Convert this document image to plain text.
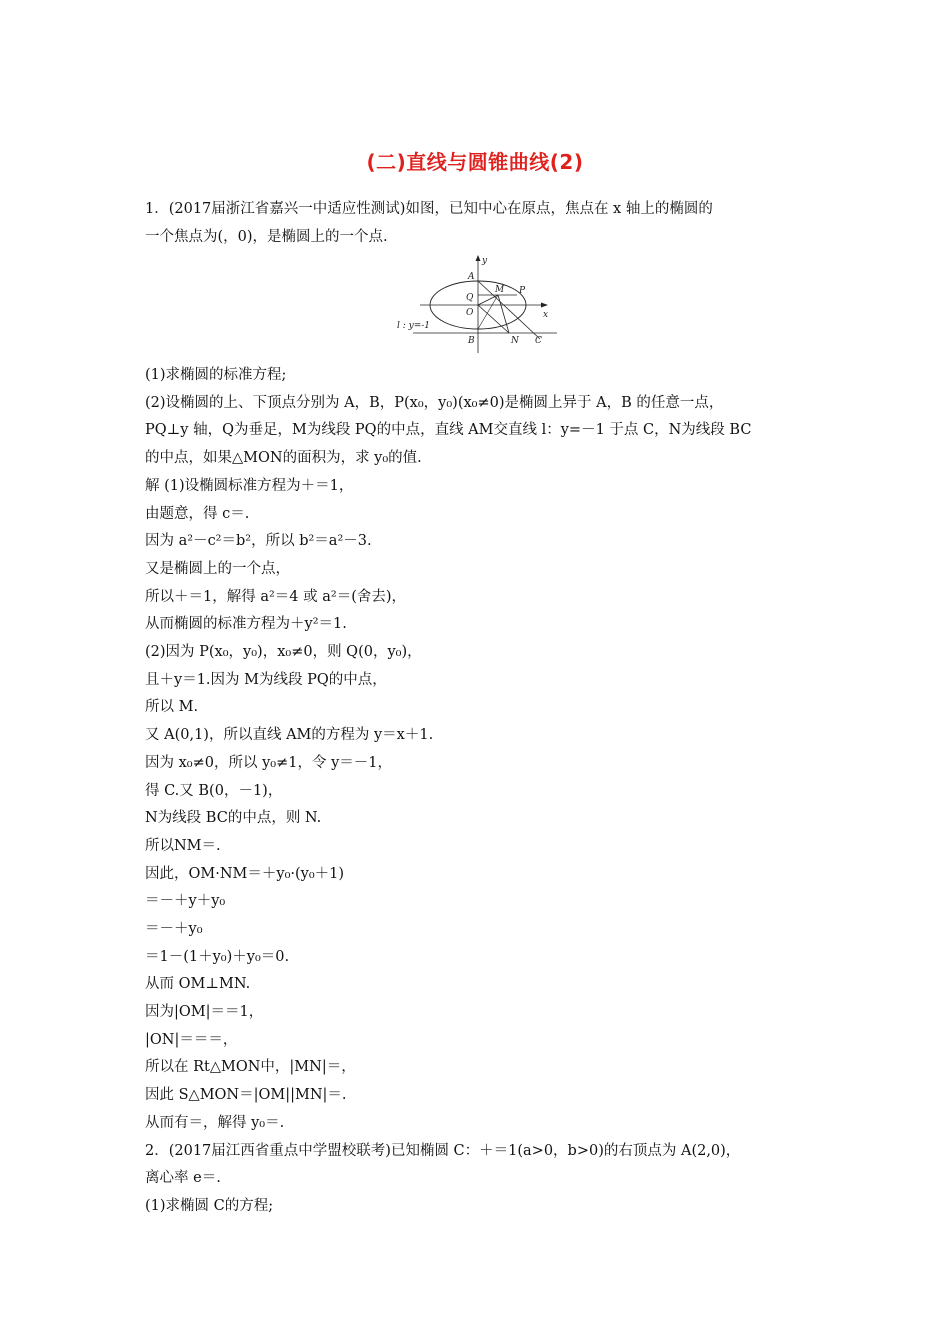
(二)直线与圆锥曲线(2)
1．(2017届浙江省嘉兴一中适应性测试)如图，已知中心在原点，焦点在 x 轴上的椭圆的
一个焦点为(，0)，是椭圆上的一个点.
y
x
A
Q
M P
O
B	N C
l : y=-1
(1)求椭圆的标准方程;
(2)设椭圆的上、下顶点分别为 A，B，P(x₀，y₀)(x₀≠0)是椭圆上异于 A，B 的任意一点，
PQ⊥y 轴，Q为垂足，M为线段 PQ的中点，直线 AM交直线 l：y=－1 于点 C，N为线段 BC
的中点，如果△MON的面积为，求 y₀的值.
解 (1)设椭圆标准方程为＋＝1，
由题意，得 c＝.
因为 a²－c²＝b²，所以 b²＝a²－3.
又是椭圆上的一个点，
所以＋＝1，解得 a²＝4 或 a²＝(舍去)，
从而椭圆的标准方程为＋y²＝1.
(2)因为 P(x₀，y₀)，x₀≠0，则 Q(0，y₀)，
且＋y＝1.因为 M为线段 PQ的中点，
所以 M.
又 A(0,1)，所以直线 AM的方程为 y＝x＋1.
因为 x₀≠0，所以 y₀≠1，令 y＝－1，
得 C.又 B(0，－1)，
N为线段 BC的中点，则 N.
所以NM＝.
因此，OM·NM＝＋y₀·(y₀＋1)
＝－＋y＋y₀
＝－＋y₀
＝1－(1＋y₀)＋y₀＝0.
从而 OM⊥MN.
因为|OM|＝＝1，
|ON|＝＝＝，
所以在 Rt△MON中，|MN|＝，
因此 S△MON＝|OM||MN|＝.
从而有＝，解得 y₀＝.
2．(2017届江西省重点中学盟校联考)已知椭圆 C：＋＝1(a>0，b>0)的右顶点为 A(2,0)，
离心率 e＝.
(1)求椭圆 C的方程;
